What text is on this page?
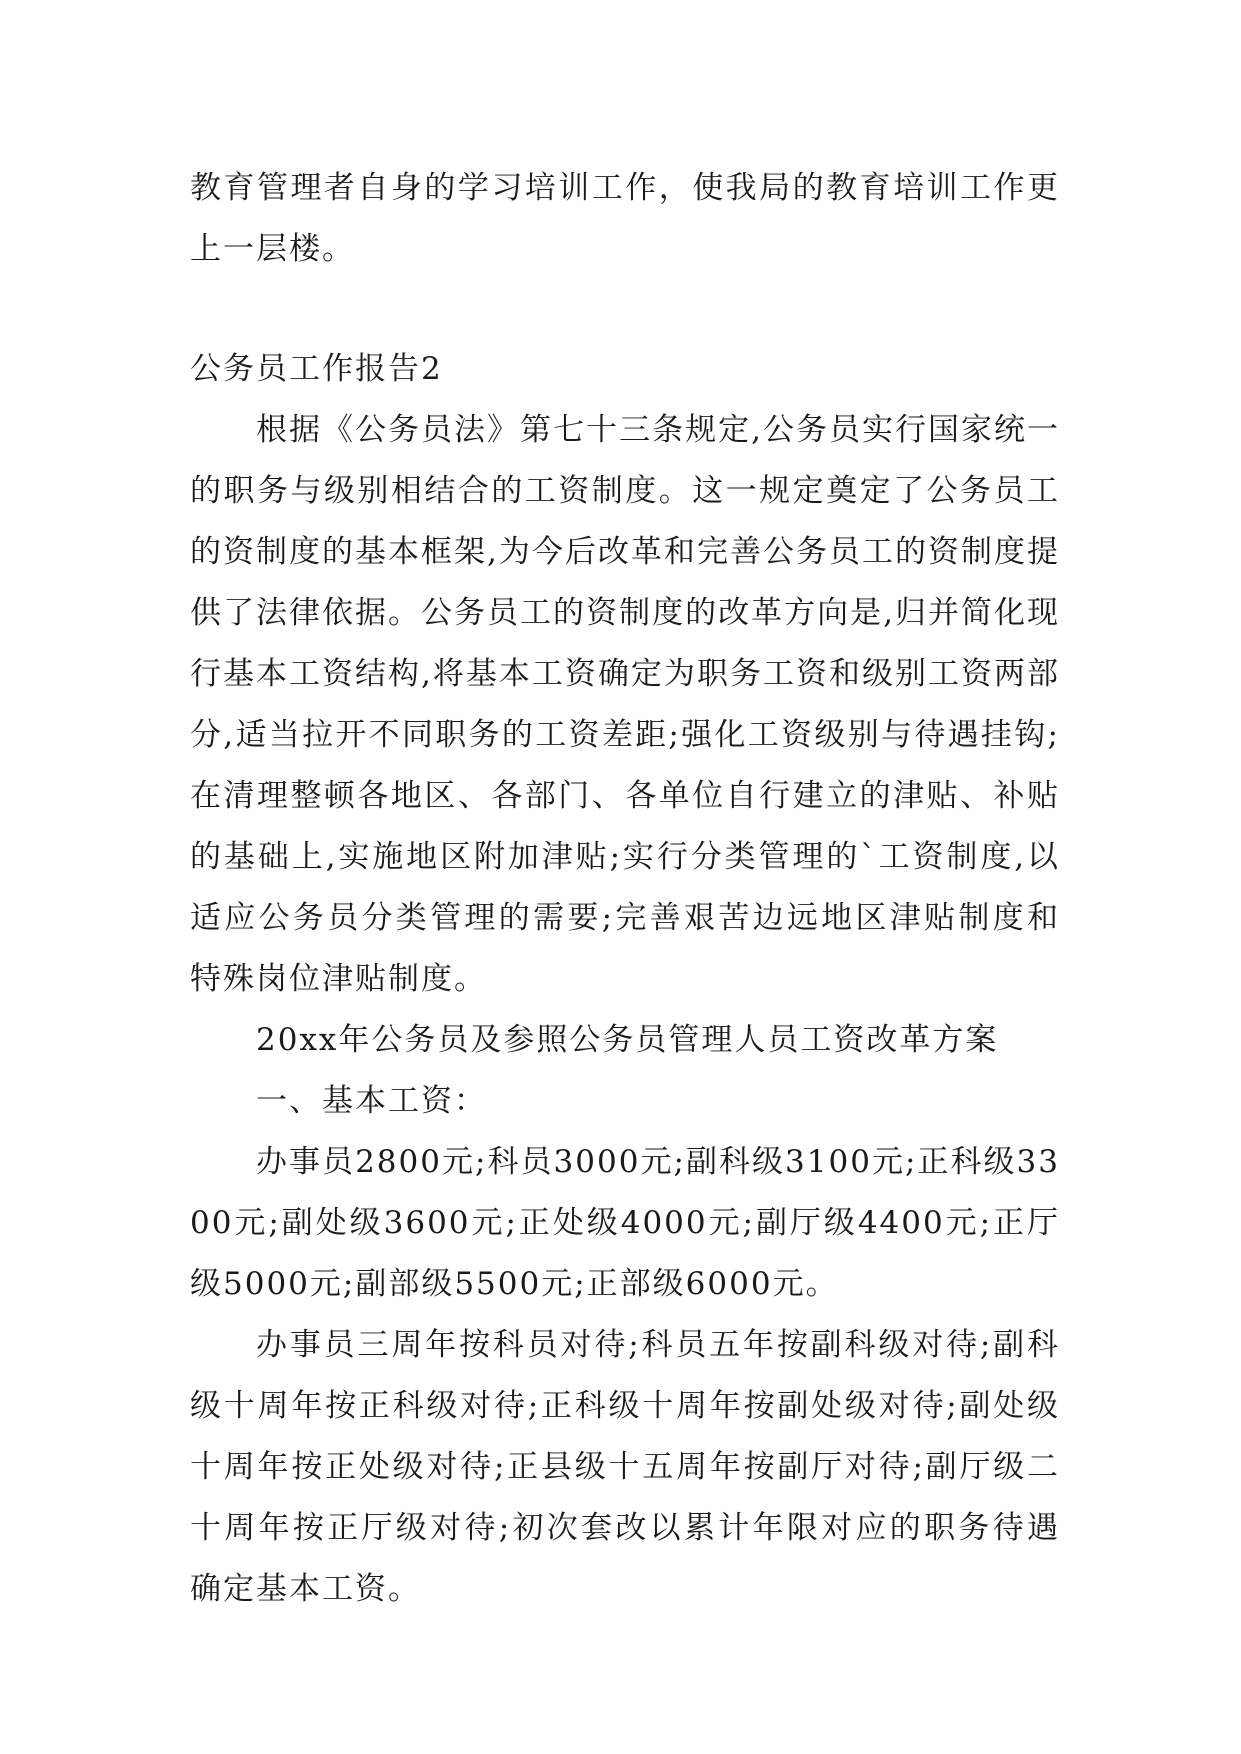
教育管理者自身的学习培训工作，使我局的教育培训工作更上一层楼。

公务员工作报告2

根据《公务员法》第七十三条规定,公务员实行国家统一的职务与级别相结合的工资制度。这一规定奠定了公务员工的资制度的基本框架,为今后改革和完善公务员工的资制度提供了法律依据。公务员工的资制度的改革方向是,归并简化现行基本工资结构,将基本工资确定为职务工资和级别工资两部分,适当拉开不同职务的工资差距;强化工资级别与待遇挂钩;在清理整顿各地区、各部门、各单位自行建立的津贴、补贴的基础上,实施地区附加津贴;实行分类管理的`工资制度,以适应公务员分类管理的需要;完善艰苦边远地区津贴制度和特殊岗位津贴制度。

20xx年公务员及参照公务员管理人员工资改革方案

一、基本工资：

办事员2800元;科员3000元;副科级3100元;正科级3300元;副处级3600元;正处级4000元;副厅级4400元;正厅级5000元;副部级5500元;正部级6000元。

办事员三周年按科员对待;科员五年按副科级对待;副科级十周年按正科级对待;正科级十周年按副处级对待;副处级十周年按正处级对待;正县级十五周年按副厅对待;副厅级二十周年按正厅级对待;初次套改以累计年限对应的职务待遇确定基本工资。
